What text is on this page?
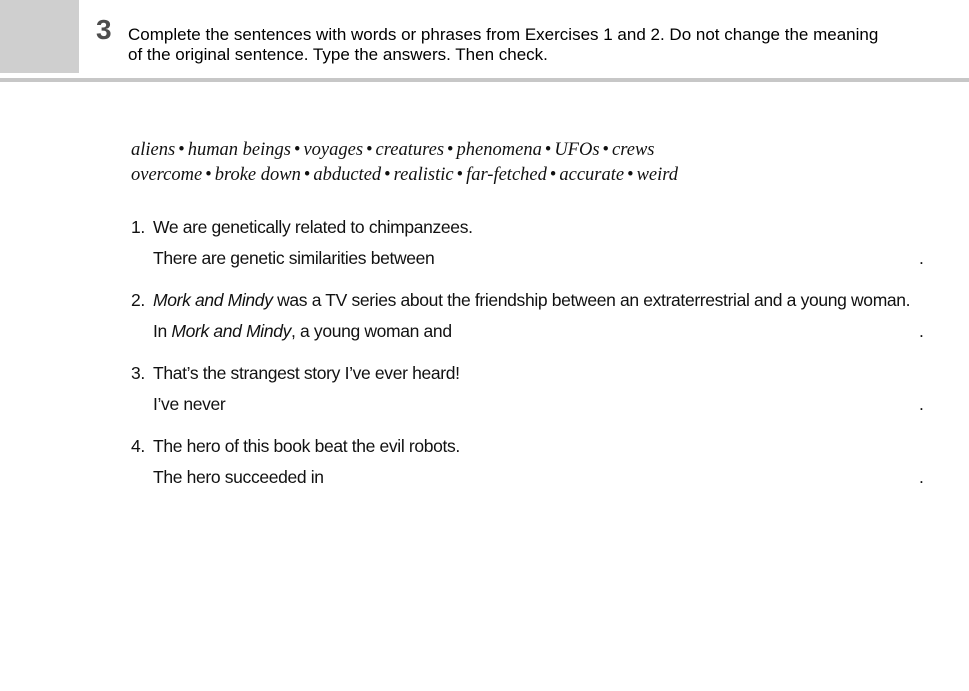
3 Complete the sentences with words or phrases from Exercises 1 and 2. Do not change the meaning
of the original sentence. Type the answers. Then check.
aliens • human beings • voyages • creatures • phenomena • UFOs • crews
overcome • broke down • abducted • realistic • far-fetched • accurate • weird
1. We are genetically related to chimpanzees.
There are genetic similarities between	.
2. Mork and Mindy was a TV series about the friendship between an extraterrestrial and a young woman.
In Mork and Mindy, a young woman and	.
3. That’s the strangest story I’ve ever heard!
I’ve never	.
4. The hero of this book beat the evil robots.
The hero succeeded in	.
